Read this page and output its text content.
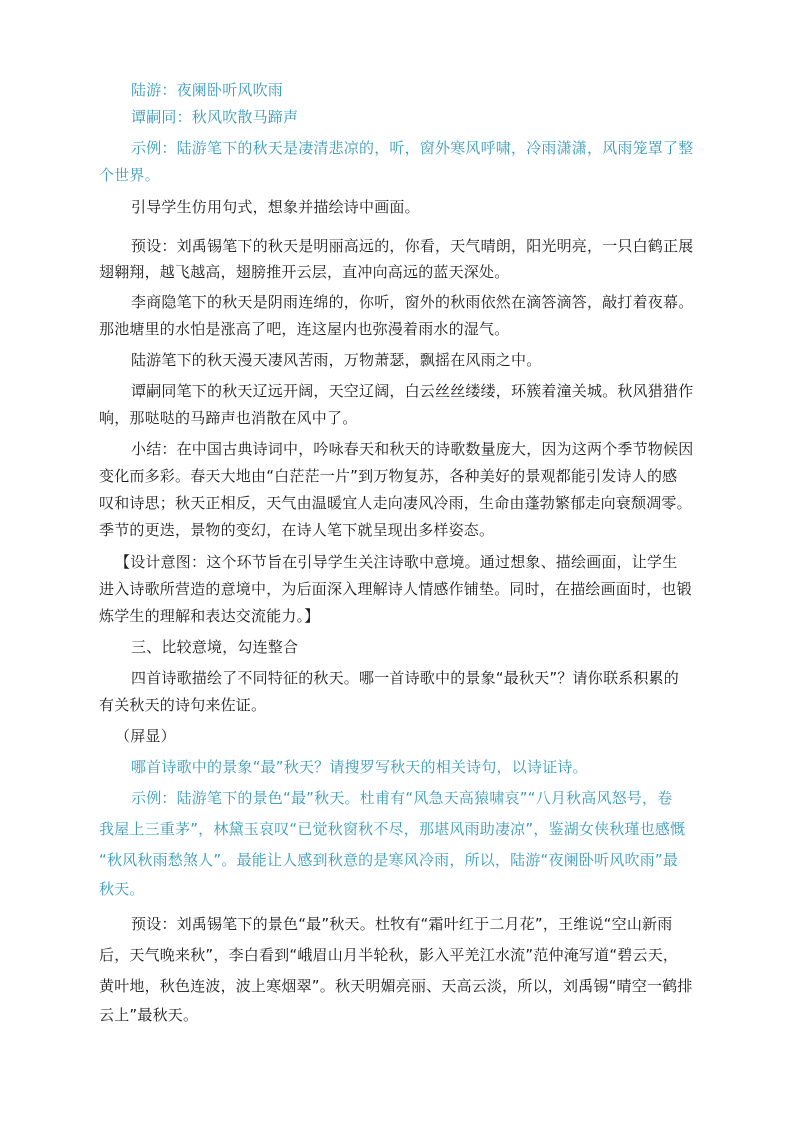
陆游：夜阑卧听风吹雨
谭嗣同：秋风吹散马蹄声
示例：陆游笔下的秋天是凄清悲凉的，听，窗外寒风呼啸，冷雨潇潇，风雨笼罩了整
个世界。
引导学生仿用句式，想象并描绘诗中画面。
预设：刘禹锡笔下的秋天是明丽高远的，你看，天气晴朗，阳光明亮，一只白鹤正展
翅翱翔，越飞越高，翅膀推开云层，直冲向高远的蓝天深处。
李商隐笔下的秋天是阴雨连绵的，你听，窗外的秋雨依然在滴答滴答，敲打着夜幕。
那池塘里的水怕是涨高了吧，连这屋内也弥漫着雨水的湿气。
陆游笔下的秋天漫天凄风苦雨，万物萧瑟，飘摇在风雨之中。
谭嗣同笔下的秋天辽远开阔，天空辽阔，白云丝丝缕缕，环簇着潼关城。秋风猎猎作
响，那哒哒的马蹄声也消散在风中了。
小结：在中国古典诗词中，吟咏春天和秋天的诗歌数量庞大，因为这两个季节物候因
变化而多彩。春天大地由“白茫茫一片”到万物复苏，各种美好的景观都能引发诗人的感
叹和诗思；秋天正相反，天气由温暖宜人走向凄风冷雨，生命由蓬勃繁郁走向衰颓凋零。
季节的更迭，景物的变幻，在诗人笔下就呈现出多样姿态。
【设计意图：这个环节旨在引导学生关注诗歌中意境。通过想象、描绘画面，让学生
进入诗歌所营造的意境中，为后面深入理解诗人情感作铺垫。同时，在描绘画面时，也锻
炼学生的理解和表达交流能力。】
三、比较意境，勾连整合
四首诗歌描绘了不同特征的秋天。哪一首诗歌中的景象“最秋天”？请你联系积累的
有关秋天的诗句来佐证。
（屏显）
哪首诗歌中的景象“最”秋天？请搜罗写秋天的相关诗句，以诗证诗。
示例：陆游笔下的景色“最”秋天。杜甫有“风急天高猿啸哀”“八月秋高风怒号，卷
我屋上三重茅”，林黛玉哀叹“已觉秋窗秋不尽，那堪风雨助凄凉”，鉴湖女侠秋瑾也感慨
“秋风秋雨愁煞人”。最能让人感到秋意的是寒风冷雨，所以，陆游“夜阑卧听风吹雨”最
秋天。
预设：刘禹锡笔下的景色“最”秋天。杜牧有“霜叶红于二月花”，王维说“空山新雨
后，天气晚来秋”，李白看到“峨眉山月半轮秋，影入平羌江水流”范仲淹写道“碧云天，
黄叶地，秋色连波，波上寒烟翠”。秋天明媚亮丽、天高云淡，所以，刘禹锡“晴空一鹤排
云上”最秋天。
